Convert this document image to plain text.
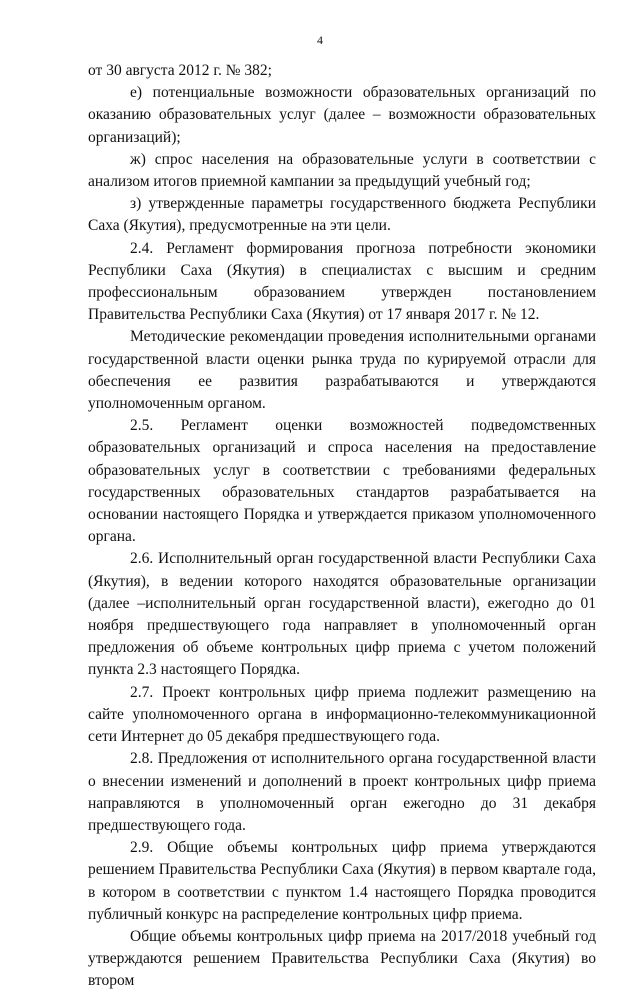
4

от 30 августа 2012 г. № 382;

е) потенциальные возможности образовательных организаций по оказанию образовательных услуг (далее – возможности образовательных организаций);

ж) спрос населения на образовательные услуги в соответствии с анализом итогов приемной кампании за предыдущий учебный год;

з) утвержденные параметры государственного бюджета Республики Саха (Якутия), предусмотренные на эти цели.

2.4. Регламент формирования прогноза потребности экономики Республики Саха (Якутия) в специалистах с высшим и средним профессиональным образованием утвержден постановлением Правительства Республики Саха (Якутия) от 17 января 2017 г. № 12.

Методические рекомендации проведения исполнительными органами государственной власти оценки рынка труда по курируемой отрасли для обеспечения ее развития разрабатываются и утверждаются уполномоченным органом.

2.5. Регламент оценки возможностей подведомственных образовательных организаций и спроса населения на предоставление образовательных услуг в соответствии с требованиями федеральных государственных образовательных стандартов разрабатывается на основании настоящего Порядка и утверждается приказом уполномоченного органа.

2.6. Исполнительный орган государственной власти Республики Саха (Якутия), в ведении которого находятся образовательные организации (далее –исполнительный орган государственной власти), ежегодно до 01 ноября предшествующего года направляет в уполномоченный орган предложения об объеме контрольных цифр приема с учетом положений пункта 2.3 настоящего Порядка.

2.7. Проект контрольных цифр приема подлежит размещению на сайте уполномоченного органа в информационно-телекоммуникационной сети Интернет до 05 декабря предшествующего года.

2.8. Предложения от исполнительного органа государственной власти о внесении изменений и дополнений в проект контрольных цифр приема направляются в уполномоченный орган ежегодно до 31 декабря предшествующего года.

2.9. Общие объемы контрольных цифр приема утверждаются решением Правительства Республики Саха (Якутия) в первом квартале года, в котором в соответствии с пунктом 1.4 настоящего Порядка проводится публичный конкурс на распределение контрольных цифр приема.

Общие объемы контрольных цифр приема на 2017/2018 учебный год утверждаются решением Правительства Республики Саха (Якутия) во втором
